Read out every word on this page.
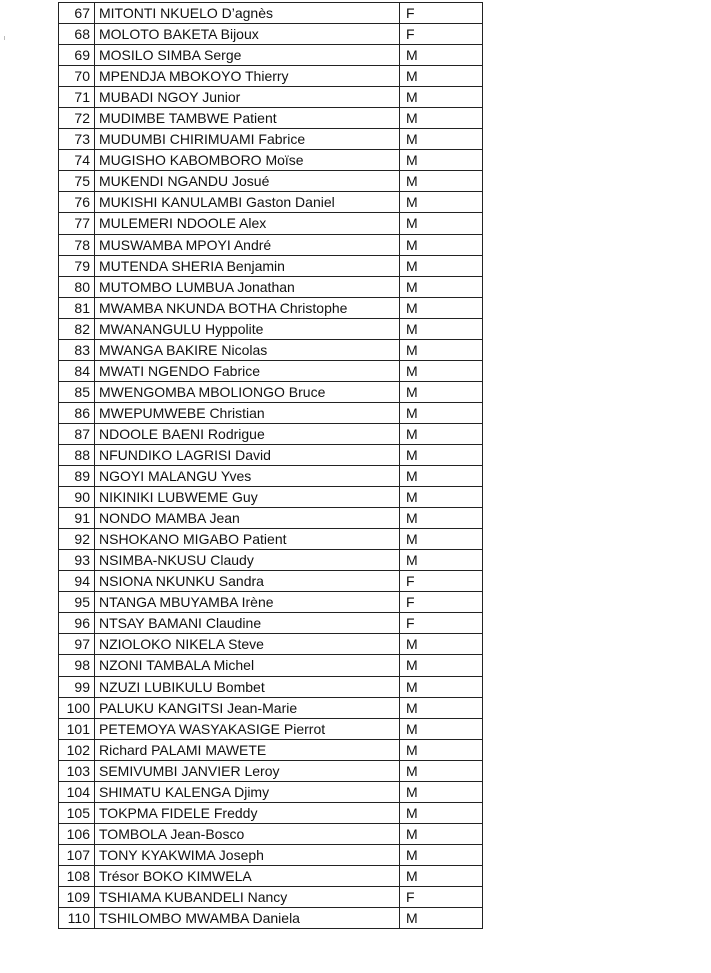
67	MITONTI NKUELO D’agnès	F
68	MOLOTO BAKETA Bijoux	F
69	MOSILO SIMBA Serge	M
70	MPENDJA MBOKOYO Thierry	M
71	MUBADI NGOY Junior	M
72	MUDIMBE TAMBWE Patient	M
73	MUDUMBI CHIRIMUAMI Fabrice	M
74	MUGISHO KABOMBORO Moïse	M
75	MUKENDI NGANDU Josué	M
76	MUKISHI KANULAMBI Gaston Daniel	M
77	MULEMERI NDOOLE Alex	M
78	MUSWAMBA MPOYI André	M
79	MUTENDA SHERIA Benjamin	M
80	MUTOMBO LUMBUA Jonathan	M
81	MWAMBA NKUNDA BOTHA Christophe	M
82	MWANANGULU Hyppolite	M
83	MWANGA BAKIRE Nicolas	M
84	MWATI NGENDO Fabrice	M
85	MWENGOMBA MBOLIONGO Bruce	M
86	MWEPUMWEBE Christian	M
87	NDOOLE BAENI Rodrigue	M
88	NFUNDIKO LAGRISI David	M
89	NGOYI MALANGU Yves	M
90	NIKINIKI LUBWEME Guy	M
91	NONDO MAMBA Jean	M
92	NSHOKANO MIGABO Patient	M
93	NSIMBA-NKUSU Claudy	M
94	NSIONA NKUNKU Sandra	F
95	NTANGA MBUYAMBA Irène	F
96	NTSAY BAMANI Claudine	F
97	NZIOLOKO NIKELA Steve	M
98	NZONI TAMBALA Michel	M
99	NZUZI LUBIKULU Bombet	M
100	PALUKU KANGITSI Jean-Marie	M
101	PETEMOYA WASYAKASIGE Pierrot	M
102	Richard PALAMI MAWETE	M
103	SEMIVUMBI JANVIER Leroy	M
104	SHIMATU KALENGA Djimy	M
105	TOKPMA FIDELE Freddy	M
106	TOMBOLA Jean-Bosco	M
107	TONY KYAKWIMA Joseph	M
108	Trésor BOKO KIMWELA	M
109	TSHIAMA KUBANDELI Nancy	F
110	TSHILOMBO MWAMBA Daniela	M
